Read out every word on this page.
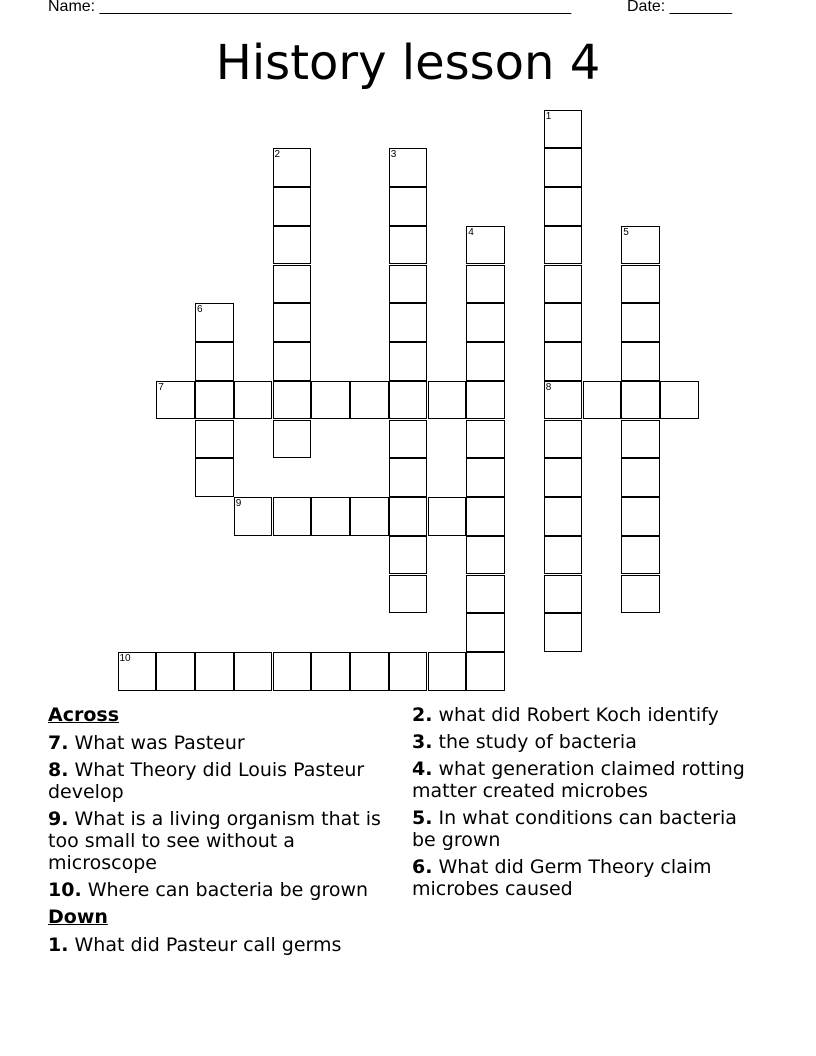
Name: _____________________________________________________	Date: _______
History lesson 4
1
8
2	3
4	5
6
7
9
10
Across
7. What was Pasteur
8. What Theory did Louis Pasteur develop
9. What is a living organism that is too small to see without a microscope
10. Where can bacteria be grown
Down
1. What did Pasteur call germs
2. what did Robert Koch identify
3. the study of bacteria
4. what generation claimed rotting matter created microbes
5. In what conditions can bacteria be grown
6. What did Germ Theory claim microbes caused
